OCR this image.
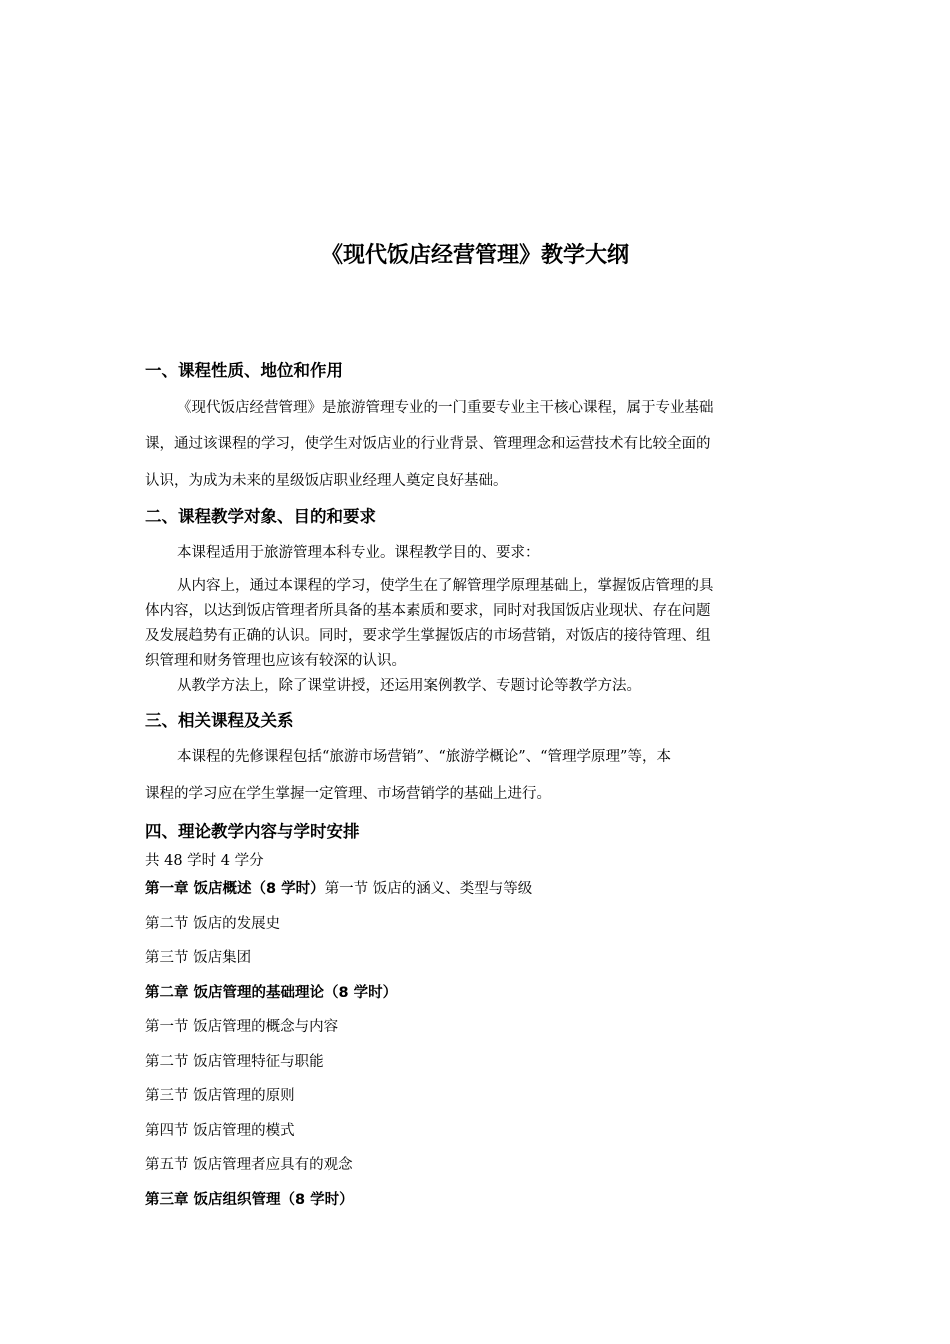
《现代饭店经营管理》教学大纲
一、课程性质、地位和作用
《现代饭店经营管理》是旅游管理专业的一门重要专业主干核心课程，属于专业基础
课，通过该课程的学习，使学生对饭店业的行业背景、管理理念和运营技术有比较全面的
认识，为成为未来的星级饭店职业经理人奠定良好基础。
二、课程教学对象、目的和要求
本课程适用于旅游管理本科专业。课程教学目的、要求：
从内容上，通过本课程的学习，使学生在了解管理学原理基础上，掌握饭店管理的具
体内容，以达到饭店管理者所具备的基本素质和要求，同时对我国饭店业现状、存在问题
及发展趋势有正确的认识。同时，要求学生掌握饭店的市场营销，对饭店的接待管理、组
织管理和财务管理也应该有较深的认识。
从教学方法上，除了课堂讲授，还运用案例教学、专题讨论等教学方法。
三、相关课程及关系
本课程的先修课程包括“旅游市场营销”、“旅游学概论”、“管理学原理”等，本
课程的学习应在学生掌握一定管理、市场营销学的基础上进行。
四、理论教学内容与学时安排
共 48 学时 4 学分
第一章 饭店概述（8 学时）第一节 饭店的涵义、类型与等级
第二节 饭店的发展史
第三节 饭店集团
第二章 饭店管理的基础理论（8 学时）
第一节 饭店管理的概念与内容
第二节 饭店管理特征与职能
第三节 饭店管理的原则
第四节 饭店管理的模式
第五节 饭店管理者应具有的观念
第三章 饭店组织管理（8 学时）
